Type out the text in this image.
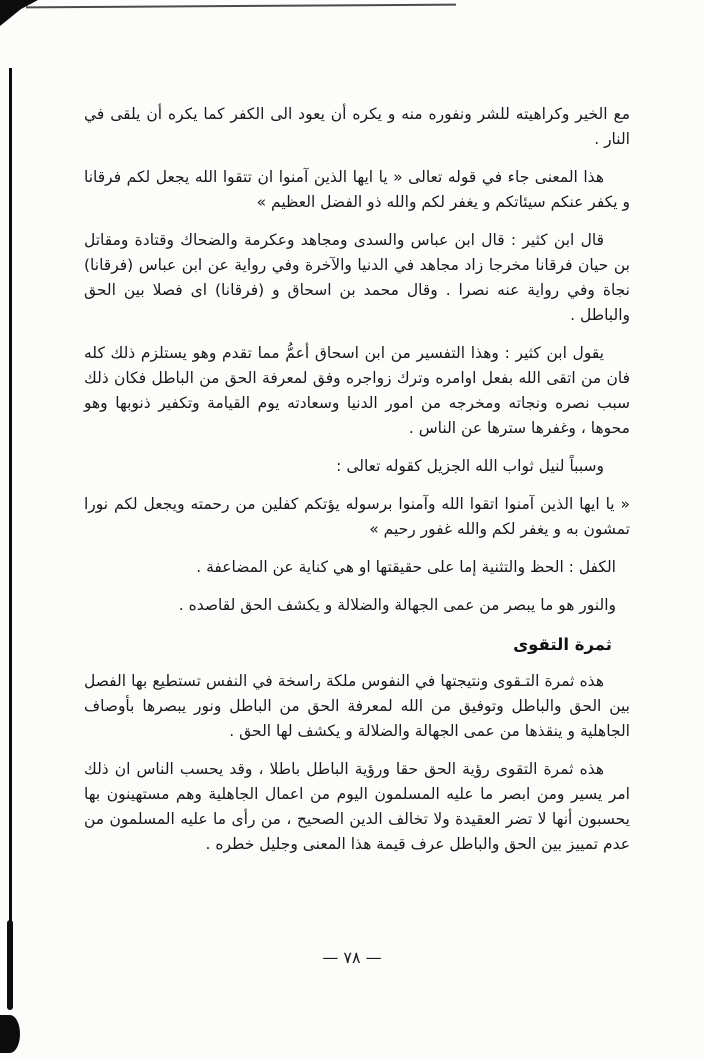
مع الخير وكراهيته للشر ونفوره منه و يكره أن يعود الى الكفر كما يكره أن يلقى في النار .

هذا المعنى جاء في قوله تعالى « يا ايها الذين آمنوا ان تتقوا الله يجعل لكم فرقانا و يكفر عنكم سيئاتكم و يغفر لكم والله ذو الفضل العظيم »

قال ابن كثير : قال ابن عباس والسدى ومجاهد وعكرمة والضحاك وقتادة ومقاتل بن حيان فرقانا مخرجا زاد مجاهد في الدنيا والآخرة وفي رواية عن ابن عباس (فرقانا) نجاة وفي رواية عنه نصرا . وقال محمد بن اسحاق و (فرقانا) اى فصلا بين الحق والباطل .

يقول ابن كثير : وهذا التفسير من ابن اسحاق أعمُّ مما تقدم وهو يستلزم ذلك كله فان من اتقى الله بفعل اوامره وترك زواجره وفق لمعرفة الحق من الباطل فكان ذلك سبب نصره ونجاته ومخرجه من امور الدنيا وسعادته يوم القيامة وتكفير ذنوبها وهو محوها ، وغفرها سترها عن الناس .

وسبباً لنيل ثواب الله الجزيل كقوله تعالى :

« يا ايها الذين آمنوا اتقوا الله وآمنوا برسوله يؤتكم كفلين من رحمته ويجعل لكم نورا تمشون به و يغفر لكم والله غفور رحيم »

الكفل : الحظ والتثنية إما على حقيقتها او هي كناية عن المضاعفة .

والنور هو ما يبصر من عمى الجهالة والضلالة و يكشف الحق لقاصده .

ثمرة التقوى

هذه ثمرة التـقوى ونتيجتها في النفوس ملكة راسخة في النفس تستطيع بها الفصل بين الحق والباطل وتوفيق من الله لمعرفة الحق من الباطل ونور يبصرها بأوصاف الجاهلية و ينقذها من عمى الجهالة والضلالة و يكشف لها الحق .

هذه ثمرة التقوى رؤية الحق حقا ورؤية الباطل باطلا ، وقد يحسب الناس ان ذلك امر يسير ومن ابصر ما عليه المسلمون اليوم من اعمال الجاهلية وهم مستهينون بها يحسبون أنها لا تضر العقيدة ولا تخالف الدين الصحيح ، من رأى ما عليه المسلمون من عدم تمييز بين الحق والباطل عرف قيمة هذا المعنى وجليل خطره .

— ٧٨ —
